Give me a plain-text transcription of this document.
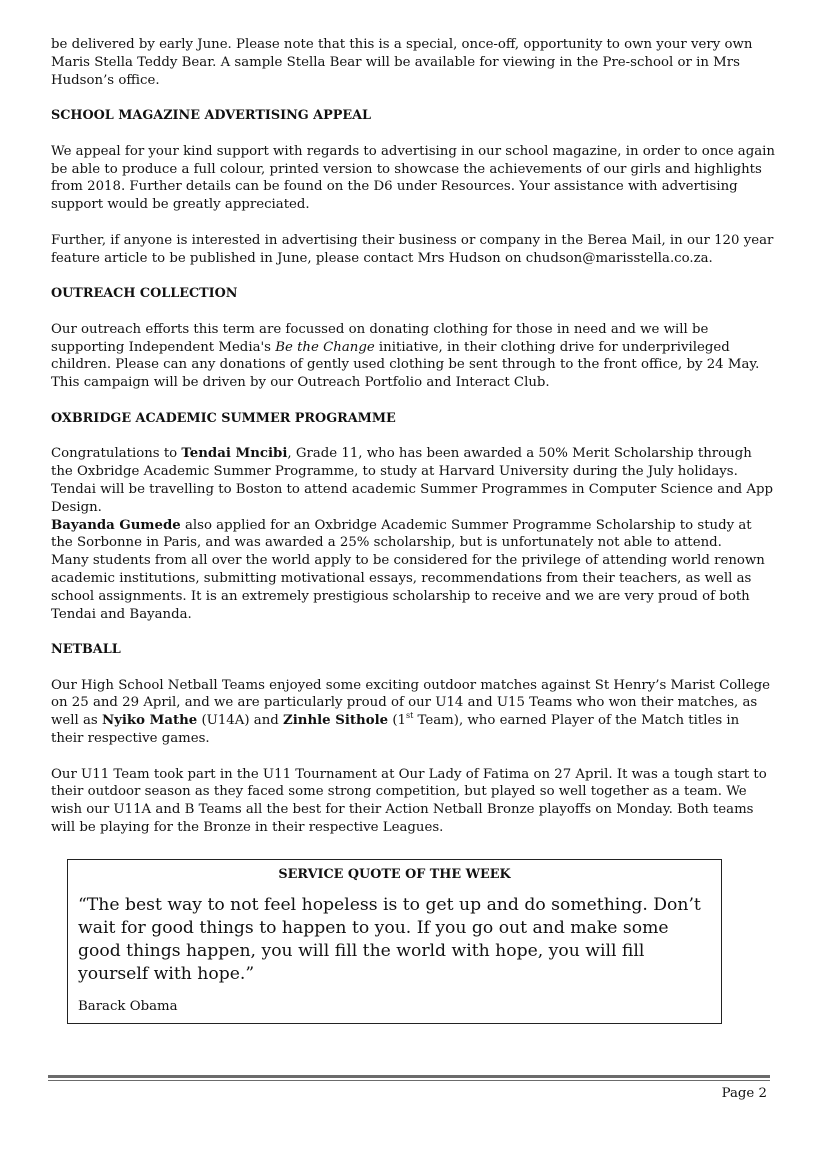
be delivered by early June. Please note that this is a special, once-off, opportunity to own your very own Maris Stella Teddy Bear. A sample Stella Bear will be available for viewing in the Pre-school or in Mrs Hudson’s office.

SCHOOL MAGAZINE ADVERTISING APPEAL

We appeal for your kind support with regards to advertising in our school magazine, in order to once again be able to produce a full colour, printed version to showcase the achievements of our girls and highlights from 2018. Further details can be found on the D6 under Resources. Your assistance with advertising support would be greatly appreciated.

Further, if anyone is interested in advertising their business or company in the Berea Mail, in our 120 year feature article to be published in June, please contact Mrs Hudson on chudson@marisstella.co.za.

OUTREACH COLLECTION

Our outreach efforts this term are focussed on donating clothing for those in need and we will be supporting Independent Media's Be the Change initiative, in their clothing drive for underprivileged children. Please can any donations of gently used clothing be sent through to the front office, by 24 May. This campaign will be driven by our Outreach Portfolio and Interact Club.

OXBRIDGE ACADEMIC SUMMER PROGRAMME

Congratulations to Tendai Mncibi, Grade 11, who has been awarded a 50% Merit Scholarship through the Oxbridge Academic Summer Programme, to study at Harvard University during the July holidays. Tendai will be travelling to Boston to attend academic Summer Programmes in Computer Science and App Design.
Bayanda Gumede also applied for an Oxbridge Academic Summer Programme Scholarship to study at the Sorbonne in Paris, and was awarded a 25% scholarship, but is unfortunately not able to attend.
Many students from all over the world apply to be considered for the privilege of attending world renown academic institutions, submitting motivational essays, recommendations from their teachers, as well as school assignments. It is an extremely prestigious scholarship to receive and we are very proud of both Tendai and Bayanda.

NETBALL

Our High School Netball Teams enjoyed some exciting outdoor matches against St Henry’s Marist College on 25 and 29 April, and we are particularly proud of our U14 and U15 Teams who won their matches, as well as Nyiko Mathe (U14A) and Zinhle Sithole (1st Team), who earned Player of the Match titles in their respective games.

Our U11 Team took part in the U11 Tournament at Our Lady of Fatima on 27 April. It was a tough start to their outdoor season as they faced some strong competition, but played so well together as a team. We wish our U11A and B Teams all the best for their Action Netball Bronze playoffs on Monday. Both teams will be playing for the Bronze in their respective Leagues.

SERVICE QUOTE OF THE WEEK
“The best way to not feel hopeless is to get up and do something. Don’t wait for good things to happen to you. If you go out and make some good things happen, you will fill the world with hope, you will fill yourself with hope.”
Barack Obama
Page 2
